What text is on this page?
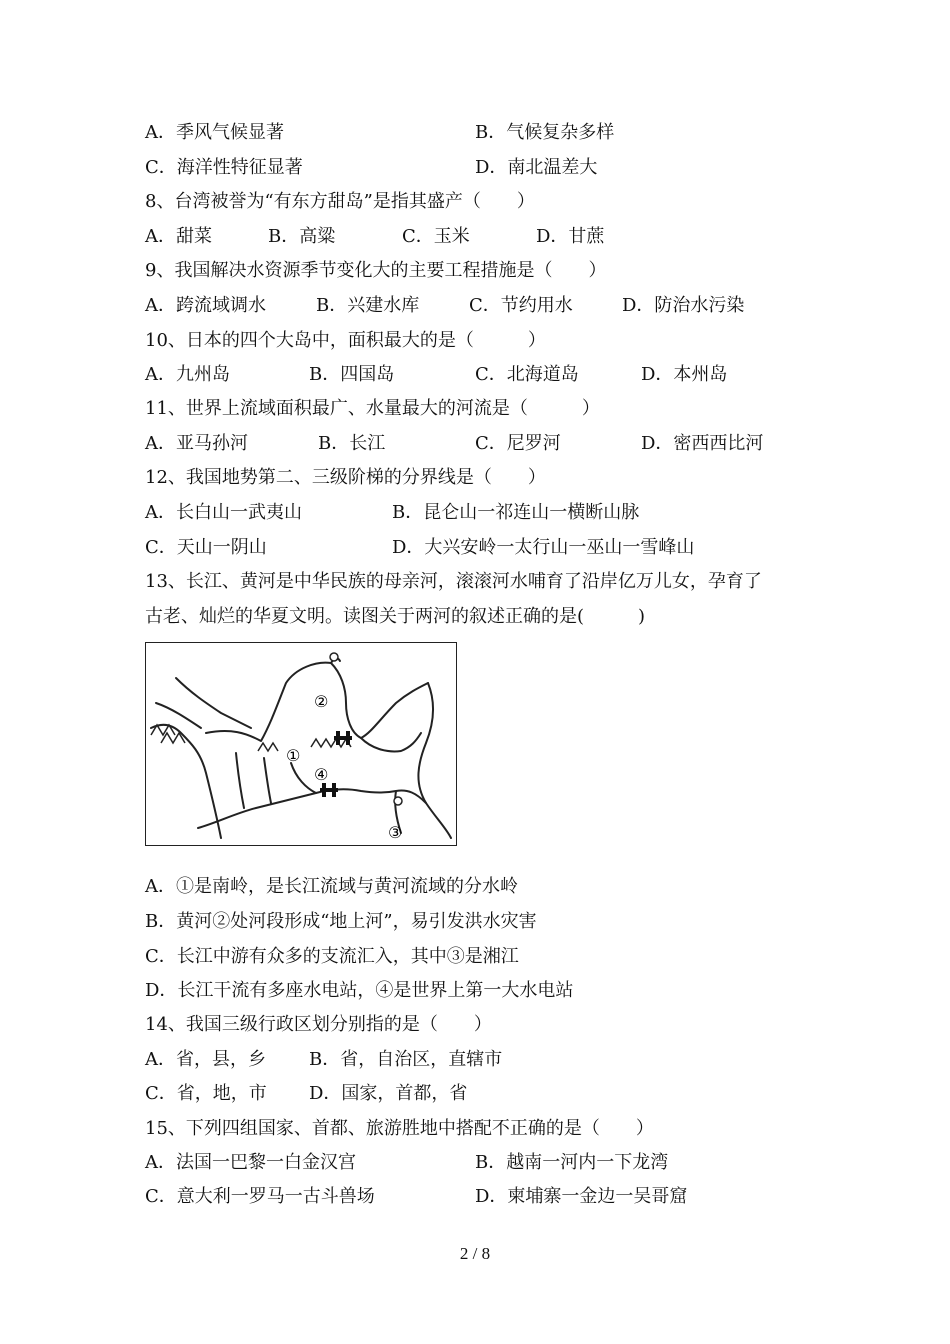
A．季风气候显著	B．气候复杂多样
C．海洋性特征显著	D．南北温差大
8、台湾被誉为“有东方甜岛”是指其盛产（　　）
A．甜菜	B．高粱	C．玉米	D．甘蔗
9、我国解决水资源季节变化大的主要工程措施是（　　）
A．跨流域调水	B．兴建水库	C．节约用水	D．防治水污染
10、日本的四个大岛中，面积最大的是（　　　）
A．九州岛	B．四国岛	C．北海道岛	D．本州岛
11、世界上流域面积最广、水量最大的河流是（　　　）
A．亚马孙河	B．长江	C．尼罗河	D．密西西比河
12、我国地势第二、三级阶梯的分界线是（　　）
A．长白山一武夷山	B．昆仑山一祁连山一横断山脉
C．天山一阴山	D．大兴安岭一太行山一巫山一雪峰山
13、长江、黄河是中华民族的母亲河，滚滚河水哺育了沿岸亿万儿女，孕育了
古老、灿烂的华夏文明。读图关于两河的叙述正确的是(　　　)
②
①
④
③
A．①是南岭，是长江流域与黄河流域的分水岭
B．黄河②处河段形成“地上河”，易引发洪水灾害
C．长江中游有众多的支流汇入，其中③是湘江
D．长江干流有多座水电站，④是世界上第一大水电站
14、我国三级行政区划分别指的是（　　）
A．省，县，乡 B．省，自治区，直辖市
C．省，地，市 D．国家，首都，省
15、下列四组国家、首都、旅游胜地中搭配不正确的是（　　）
A．法国一巴黎一白金汉宫	B．越南一河内一下龙湾
C．意大利一罗马一古斗兽场	D．柬埔寨一金边一吴哥窟
2 / 8
